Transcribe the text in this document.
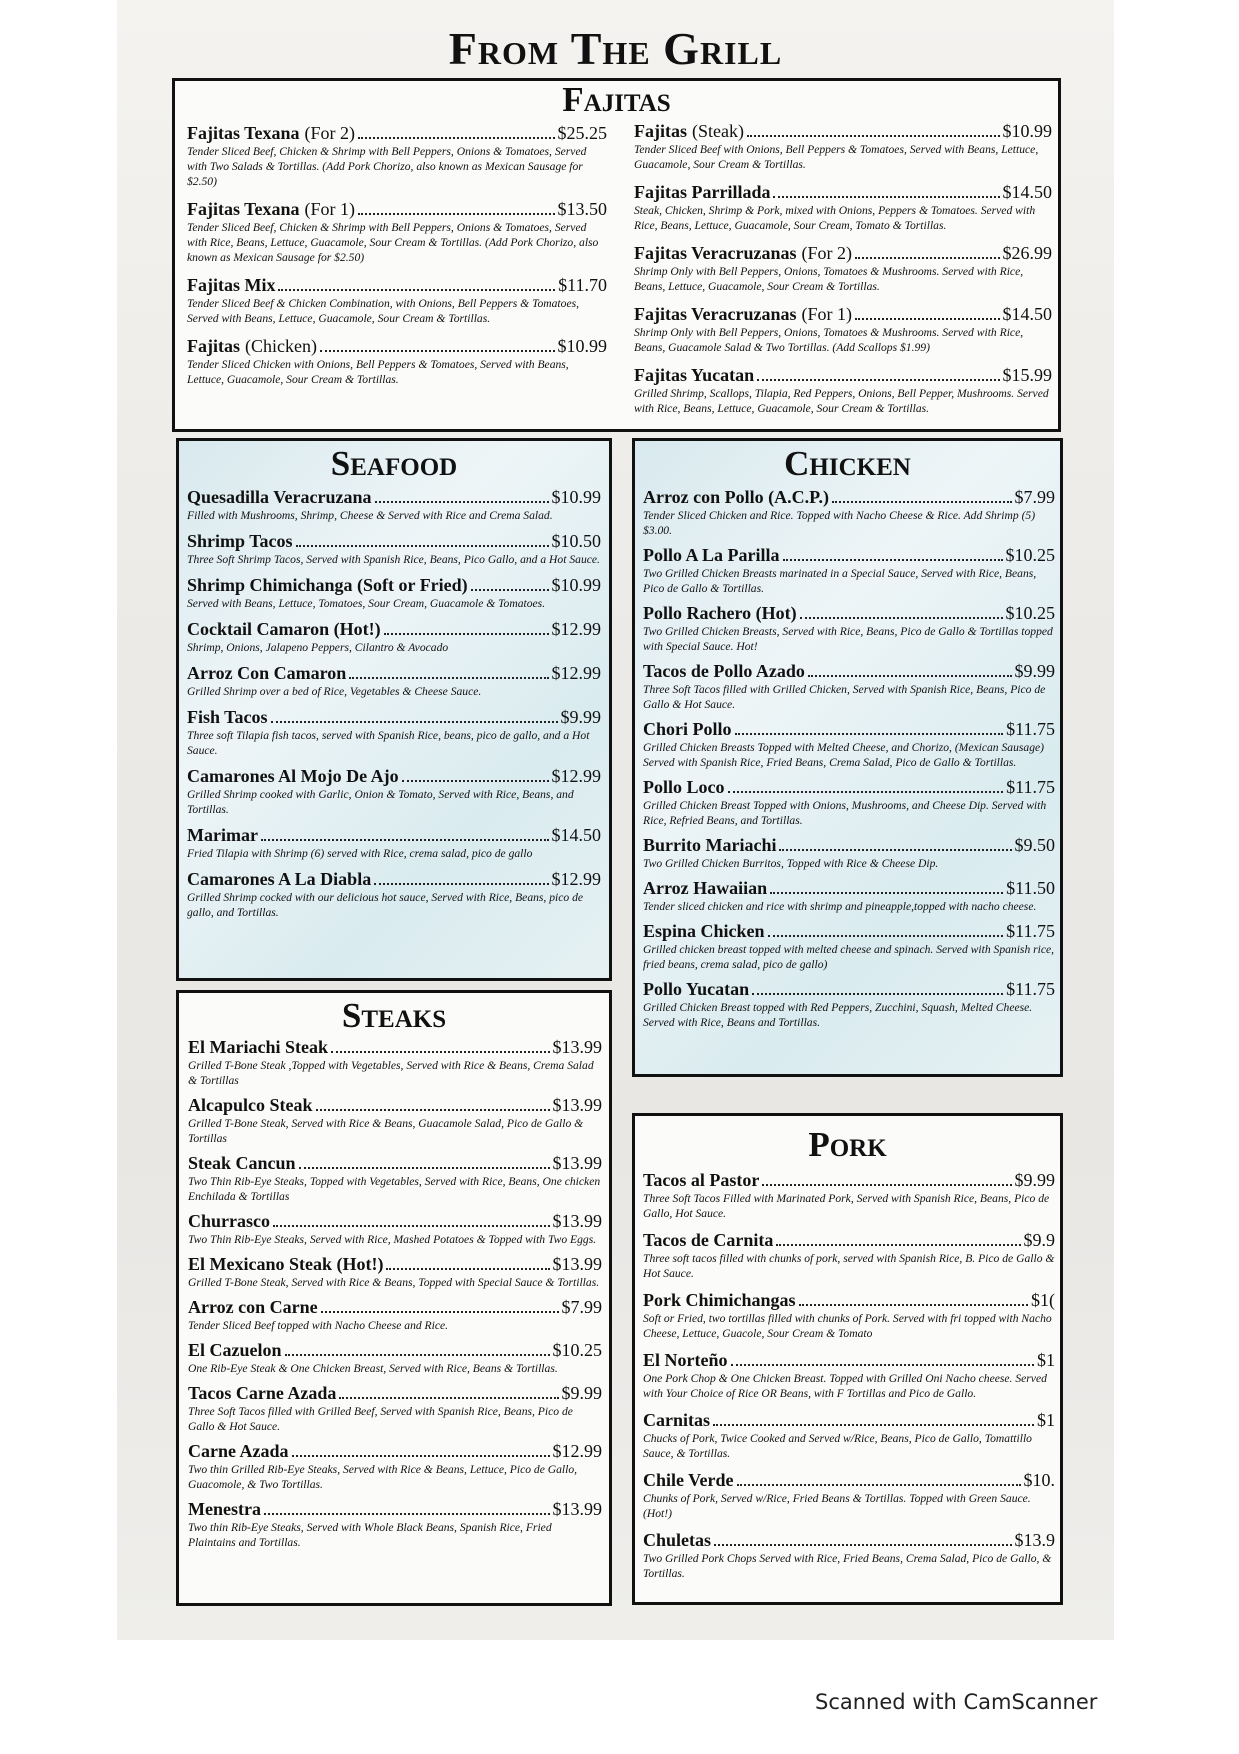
From The Grill
Fajitas
Fajitas Texana (For 2)	$25.25
Tender Sliced Beef, Chicken & Shrimp with Bell Peppers, Onions & Tomatoes, Served with Two Salads & Tortillas. (Add Pork Chorizo, also known as Mexican Sausage for $2.50)
Fajitas Texana (For 1)	$13.50
Tender Sliced Beef, Chicken & Shrimp with Bell Peppers, Onions & Tomatoes, Served with Rice, Beans, Lettuce, Guacamole, Sour Cream & Tortillas. (Add Pork Chorizo, also known as Mexican Sausage for $2.50)
Fajitas Mix	$11.70
Tender Sliced Beef & Chicken Combination, with Onions, Bell Peppers & Tomatoes, Served with Beans, Lettuce, Guacamole, Sour Cream & Tortillas.
Fajitas (Chicken)	$10.99
Tender Sliced Chicken with Onions, Bell Peppers & Tomatoes, Served with Beans, Lettuce, Guacamole, Sour Cream & Tortillas.
Fajitas (Steak)	$10.99
Tender Sliced Beef with Onions, Bell Peppers & Tomatoes, Served with Beans, Lettuce, Guacamole, Sour Cream & Tortillas.
Fajitas Parrillada	$14.50
Steak, Chicken, Shrimp & Pork, mixed with Onions, Peppers & Tomatoes. Served with Rice, Beans, Lettuce, Guacamole, Sour Cream, Tomato & Tortillas.
Fajitas Veracruzanas (For 2)	$26.99
Shrimp Only with Bell Peppers, Onions, Tomatoes & Mushrooms. Served with Rice, Beans, Lettuce, Guacamole, Sour Cream & Tortillas.
Fajitas Veracruzanas (For 1)	$14.50
Shrimp Only with Bell Peppers, Onions, Tomatoes & Mushrooms. Served with Rice, Beans, Guacamole Salad & Two Tortillas. (Add Scallops $1.99)
Fajitas Yucatan	$15.99
Grilled Shrimp, Scallops, Tilapia, Red Peppers, Onions, Bell Pepper, Mushrooms. Served with Rice, Beans, Lettuce, Guacamole, Sour Cream & Tortillas.
Seafood
Quesadilla Veracruzana	$10.99
Filled with Mushrooms, Shrimp, Cheese & Served with Rice and Crema Salad.
Shrimp Tacos	$10.50
Three Soft Shrimp Tacos, Served with Spanish Rice, Beans, Pico Gallo, and a Hot Sauce.
Shrimp Chimichanga (Soft or Fried)	$10.99
Served with Beans, Lettuce, Tomatoes, Sour Cream, Guacamole & Tomatoes.
Cocktail Camaron (Hot!)	$12.99
Shrimp, Onions, Jalapeno Peppers, Cilantro & Avocado
Arroz Con Camaron	$12.99
Grilled Shrimp over a bed of Rice, Vegetables & Cheese Sauce.
Fish Tacos	$9.99
Three soft Tilapia fish tacos, served with Spanish Rice, beans, pico de gallo, and a Hot Sauce.
Camarones Al Mojo De Ajo	$12.99
Grilled Shrimp cooked with Garlic, Onion & Tomato, Served with Rice, Beans, and Tortillas.
Marimar	$14.50
Fried Tilapia with Shrimp (6) served with Rice, crema salad, pico de gallo
Camarones A La Diabla	$12.99
Grilled Shrimp cocked with our delicious hot sauce, Served with Rice, Beans, pico de gallo, and Tortillas.
Chicken
Arroz con Pollo (A.C.P.)	$7.99
Tender Sliced Chicken and Rice. Topped with Nacho Cheese & Rice. Add Shrimp (5) $3.00.
Pollo A La Parilla	$10.25
Two Grilled Chicken Breasts marinated in a Special Sauce, Served with Rice, Beans, Pico de Gallo & Tortillas.
Pollo Rachero (Hot)	$10.25
Two Grilled Chicken Breasts, Served with Rice, Beans, Pico de Gallo & Tortillas topped with Special Sauce. Hot!
Tacos de Pollo Azado	$9.99
Three Soft Tacos filled with Grilled Chicken, Served with Spanish Rice, Beans, Pico de Gallo & Hot Sauce.
Chori Pollo	$11.75
Grilled Chicken Breasts Topped with Melted Cheese, and Chorizo, (Mexican Sausage) Served with Spanish Rice, Fried Beans, Crema Salad, Pico de Gallo & Tortillas.
Pollo Loco	$11.75
Grilled Chicken Breast Topped with Onions, Mushrooms, and Cheese Dip. Served with Rice, Refried Beans, and Tortillas.
Burrito Mariachi	$9.50
Two Grilled Chicken Burritos, Topped with Rice & Cheese Dip.
Arroz Hawaiian	$11.50
Tender sliced chicken and rice with shrimp and pineapple,topped with nacho cheese.
Espina Chicken	$11.75
Grilled chicken breast topped with melted cheese and spinach. Served with Spanish rice, fried beans, crema salad, pico de gallo)
Pollo Yucatan	$11.75
Grilled Chicken Breast topped with Red Peppers, Zucchini, Squash, Melted Cheese. Served with Rice, Beans and Tortillas.
Steaks
El Mariachi Steak	$13.99
Grilled T-Bone Steak ,Topped with Vegetables, Served with Rice & Beans, Crema Salad & Tortillas
Alcapulco Steak	$13.99
Grilled T-Bone Steak, Served with Rice & Beans, Guacamole Salad, Pico de Gallo & Tortillas
Steak Cancun	$13.99
Two Thin Rib-Eye Steaks, Topped with Vegetables, Served with Rice, Beans, One chicken Enchilada & Tortillas
Churrasco	$13.99
Two Thin Rib-Eye Steaks, Served with Rice, Mashed Potatoes & Topped with Two Eggs.
El Mexicano Steak (Hot!)	$13.99
Grilled T-Bone Steak, Served with Rice & Beans, Topped with Special Sauce & Tortillas.
Arroz con Carne	$7.99
Tender Sliced Beef topped with Nacho Cheese and Rice.
El Cazuelon	$10.25
One Rib-Eye Steak & One Chicken Breast, Served with Rice, Beans & Tortillas.
Tacos Carne Azada	$9.99
Three Soft Tacos filled with Grilled Beef, Served with Spanish Rice, Beans, Pico de Gallo & Hot Sauce.
Carne Azada	$12.99
Two thin Grilled Rib-Eye Steaks, Served with Rice & Beans, Lettuce, Pico de Gallo, Guacomole, & Two Tortillas.
Menestra	$13.99
Two thin Rib-Eye Steaks, Served with Whole Black Beans, Spanish Rice, Fried Plaintains and Tortillas.
Pork
Tacos al Pastor	$9.99
Three Soft Tacos Filled with Marinated Pork, Served with Spanish Rice, Beans, Pico de Gallo, Hot Sauce.
Tacos de Carnita	$9.9
Three soft tacos filled with chunks of pork, served with Spanish Rice, B. Pico de Gallo & Hot Sauce.
Pork Chimichangas	$1(
Soft or Fried, two tortillas filled with chunks of Pork. Served with fri topped with Nacho Cheese, Lettuce, Guacole, Sour Cream & Tomato
El Norteño	$1
One Pork Chop & One Chicken Breast. Topped with Grilled Oni Nacho cheese. Served with Your Choice of Rice OR Beans, with F Tortillas and Pico de Gallo.
Carnitas	$1
Chucks of Pork, Twice Cooked and Served w/Rice, Beans, Pico de Gallo, Tomattillo Sauce, & Tortillas.
Chile Verde	$10.
Chunks of Pork, Served w/Rice, Fried Beans & Tortillas. Topped with Green Sauce. (Hot!)
Chuletas	$13.9
Two Grilled Pork Chops Served with Rice, Fried Beans, Crema Salad, Pico de Gallo, & Tortillas.

Scanned with CamScanner
